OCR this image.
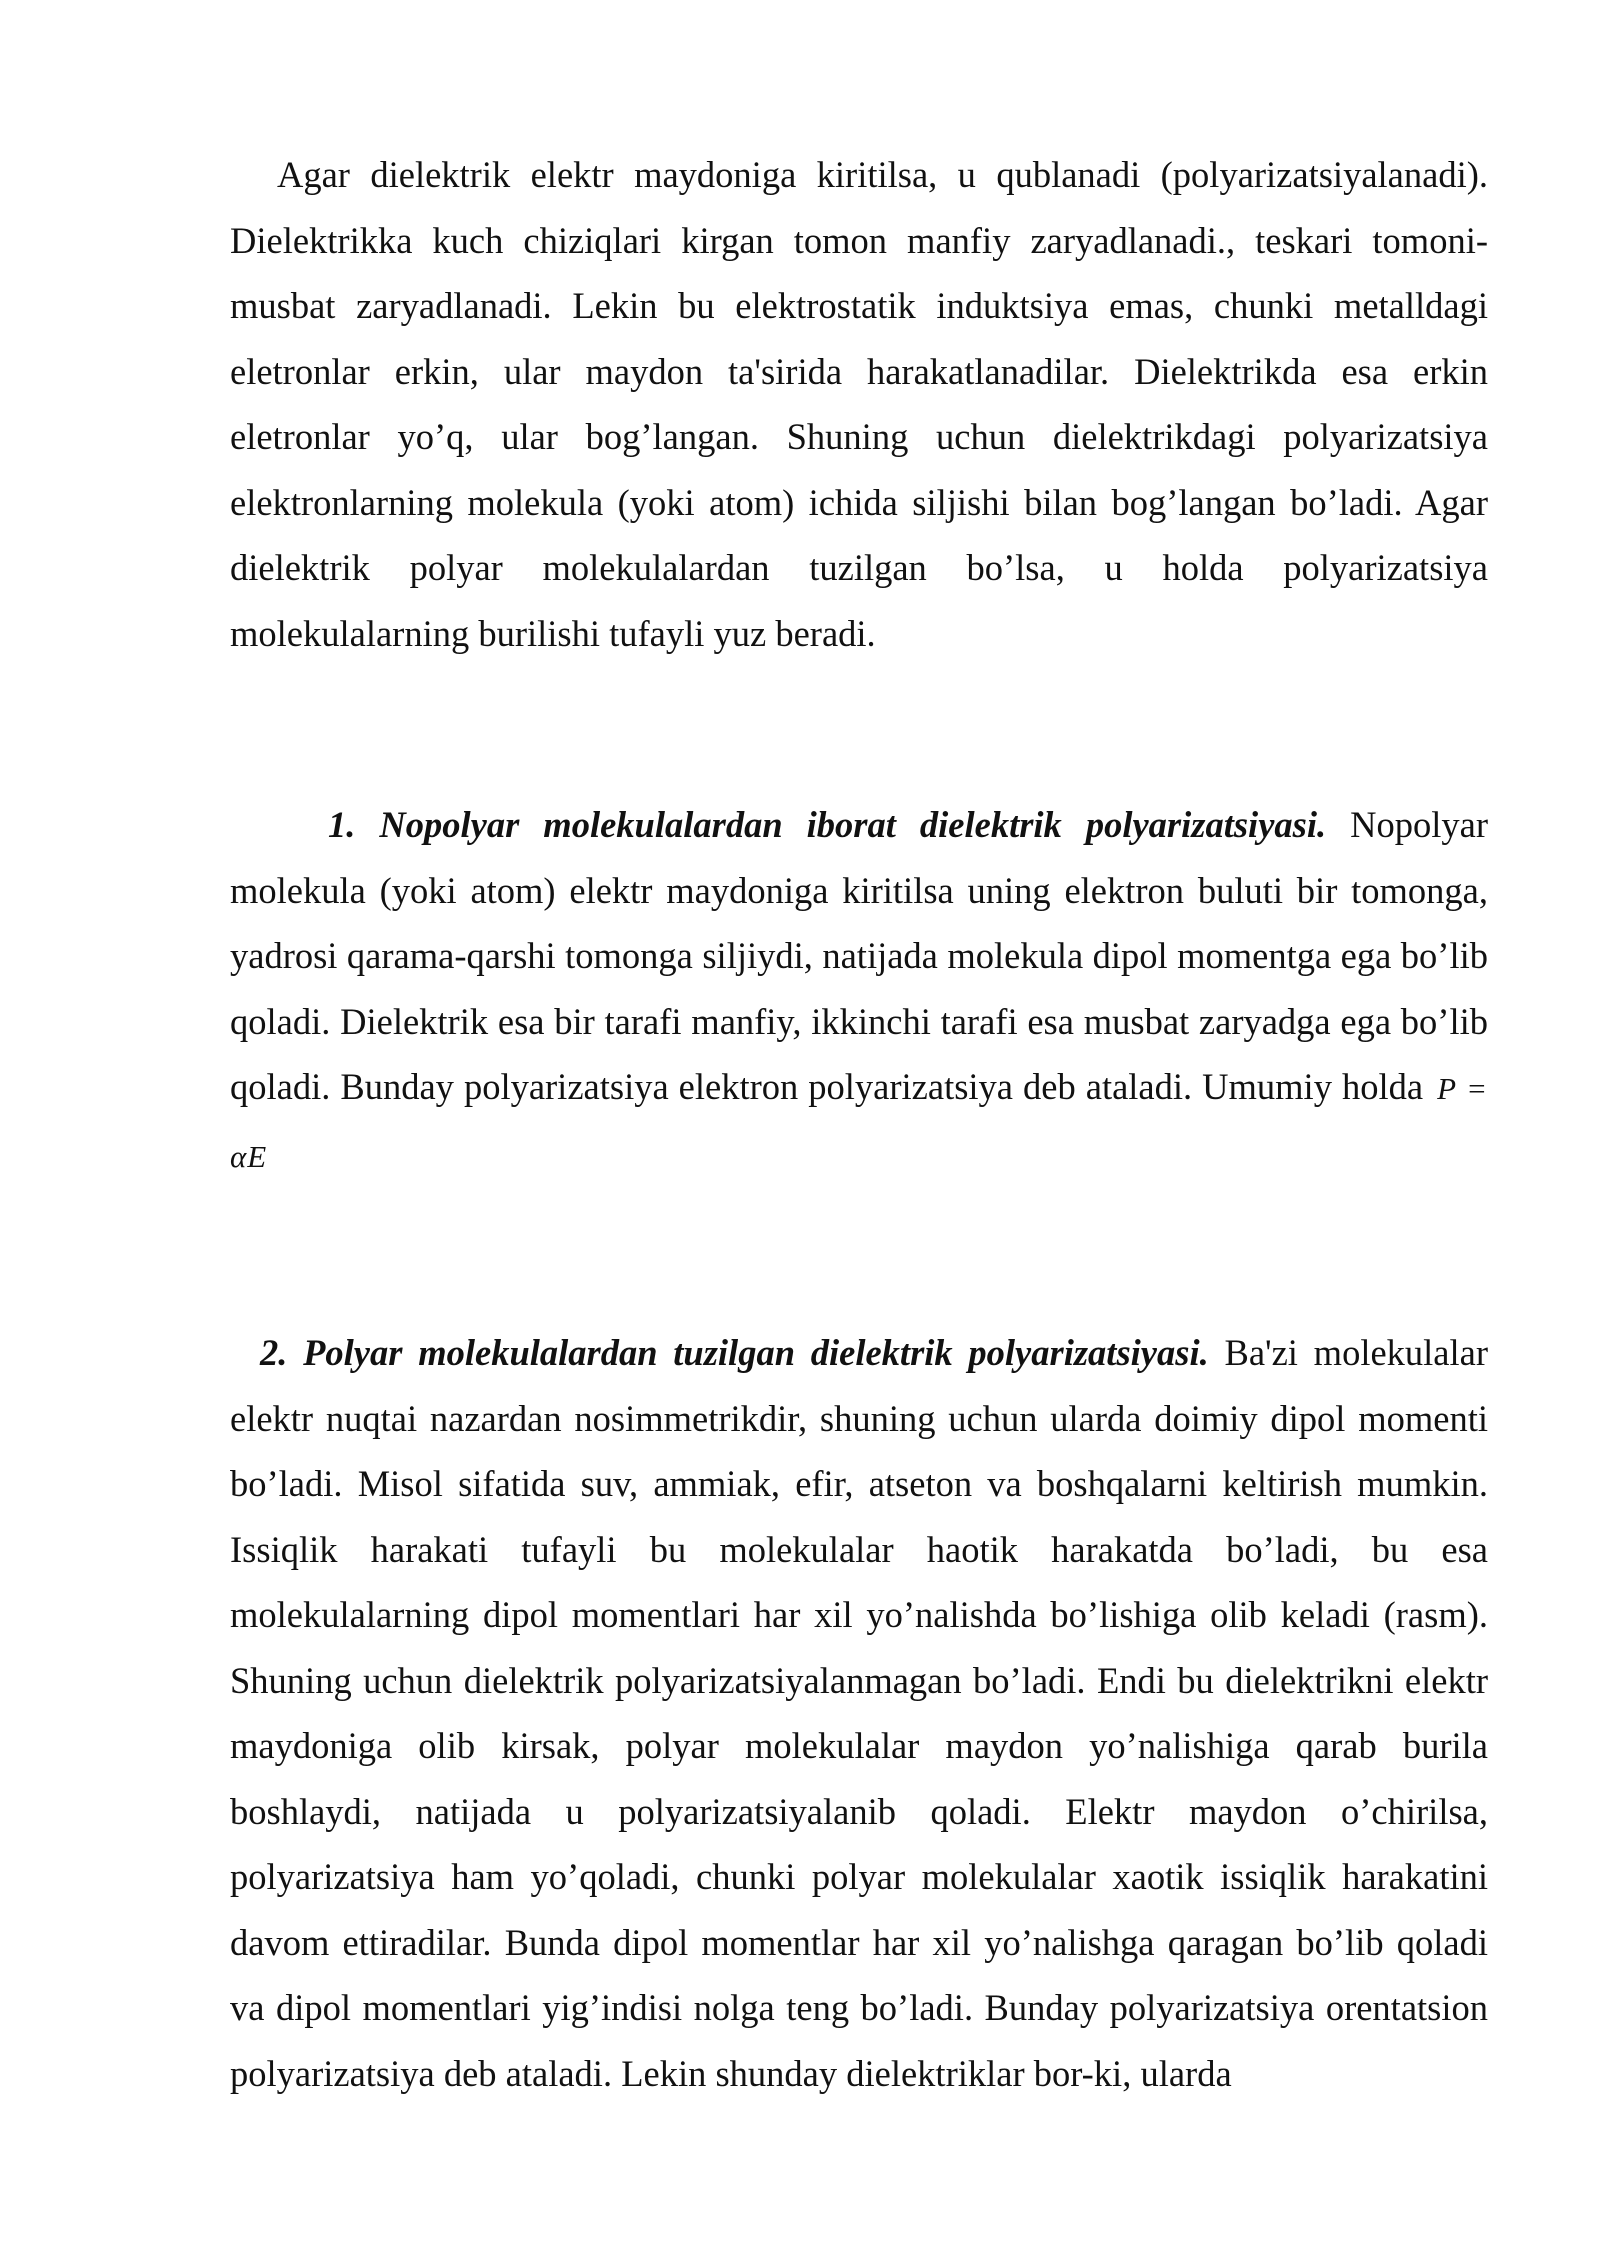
Agar dielektrik elektr maydoniga kiritilsa, u qublanadi (polyarizatsiyalanadi). Dielektrikka kuch chiziqlari kirgan tomon manfiy zaryadlanadi., teskari tomoni- musbat zaryadlanadi. Lekin bu elektrostatik induktsiya emas, chunki metalldagi eletronlar erkin, ular maydon ta'sirida harakatlanadilar. Dielektrikda esa erkin eletronlar yo’q, ular bog’langan. Shuning uchun dielektrikdagi polyarizatsiya elektronlarning molekula (yoki atom) ichida siljishi bilan bog’langan bo’ladi. Agar dielektrik polyar molekulalardan tuzilgan bo’lsa, u holda polyarizatsiya molekulalarning burilishi tufayli yuz beradi.

1. Nopolyar molekulalardan iborat dielektrik polyarizatsiyasi. Nopolyar molekula (yoki atom) elektr maydoniga kiritilsa uning elektron buluti bir tomonga, yadrosi qarama-qarshi tomonga siljiydi, natijada molekula dipol momentga ega bo’lib qoladi. Dielektrik esa bir tarafi manfiy, ikkinchi tarafi esa musbat zaryadga ega bo’lib qoladi. Bunday polyarizatsiya elektron polyarizatsiya deb ataladi. Umumiy holda P = αE

2. Polyar molekulalardan tuzilgan dielektrik polyarizatsiyasi. Ba'zi molekulalar elektr nuqtai nazardan nosimmetrikdir, shuning uchun ularda doimiy dipol momenti bo’ladi. Misol sifatida suv, ammiak, efir, atseton va boshqalarni keltirish mumkin. Issiqlik harakati tufayli bu molekulalar haotik harakatda bo’ladi, bu esa molekulalarning dipol momentlari har xil yo’nalishda bo’lishiga olib keladi (rasm). Shuning uchun dielektrik polyarizatsiyalanmagan bo’ladi. Endi bu dielektrikni elektr maydoniga olib kirsak, polyar molekulalar maydon yo’nalishiga qarab burila boshlaydi, natijada u polyarizatsiyalanib qoladi. Elektr maydon o’chirilsa, polyarizatsiya ham yo’qoladi, chunki polyar molekulalar xaotik issiqlik harakatini davom ettiradilar. Bunda dipol momentlar har xil yo’nalishga qaragan bo’lib qoladi va dipol momentlari yig’indisi nolga teng bo’ladi. Bunday polyarizatsiya orentatsion polyarizatsiya deb ataladi. Lekin shunday dielektriklar bor-ki, ularda
